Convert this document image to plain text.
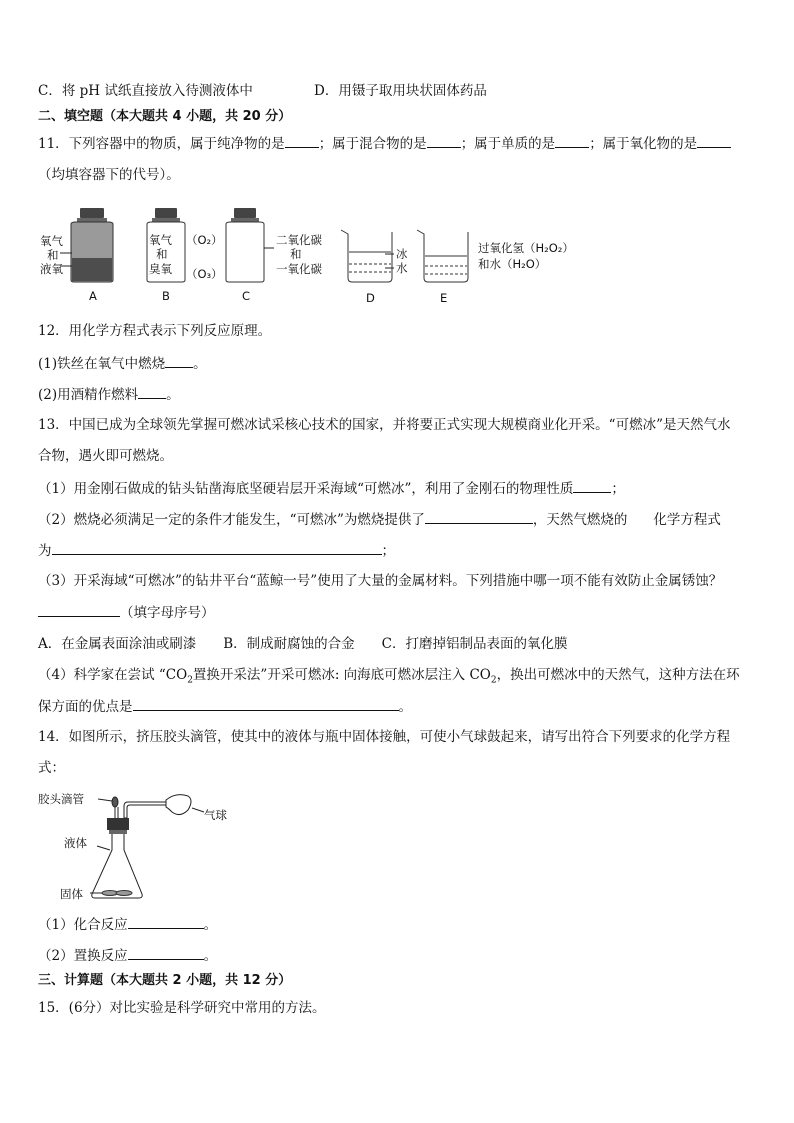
C．将 pH 试纸直接放入待测液体中	D．用镊子取用块状固体药品
二、填空题（本大题共 4 小题，共 20 分）
11．下列容器中的物质，属于纯净物的是	；属于混合物的是	；属于单质的是	；属于氧化物的是
（均填容器下的代号）。
氧气
和
液氧
A
氧气 （O₂）
和
臭氧 （O₃）
B
二氧化碳
和
一氧化碳
C
冰
水
D
过氧化氢（H₂O₂）
和水（H₂O）
E
12．用化学方程式表示下列反应原理。
(1)铁丝在氧气中燃烧 。
(2)用酒精作燃料 。
13．中国已成为全球领先掌握可燃冰试采核心技术的国家，并将要正式实现大规模商业化开采。“可燃冰”是天然气水
合物，遇火即可燃烧。
（1）用金刚石做成的钻头钻凿海底坚硬岩层开采海域“可燃冰”，利用了金刚石的物理性质	；
（2）燃烧必须满足一定的条件才能发生，“可燃冰”为燃烧提供了	，天然气燃烧的 化学方程式
为	；
（3）开采海域“可燃冰”的钻井平台“蓝鲸一号”使用了大量的金属材料。下列措施中哪一项不能有效防止金属锈蚀？
（填字母序号）
A．在金属表面涂油或刷漆　　B．制成耐腐蚀的合金　　C．打磨掉铝制品表面的氧化膜
（4）科学家在尝试 “$CO_2$置换开采法”开采可燃冰: 向海底可燃冰层注入 $CO_2$，换出可燃冰中的天然气，这种方法在环
保方面的优点是	。
14．如图所示，挤压胶头滴管，使其中的液体与瓶中固体接触，可使小气球鼓起来，请写出符合下列要求的化学方程
式：
胶头滴管
气球
液体
固体
（1）化合反应	。
（2）置换反应	。
三、计算题（本大题共 2 小题，共 12 分）
15．(6分）对比实验是科学研究中常用的方法。
